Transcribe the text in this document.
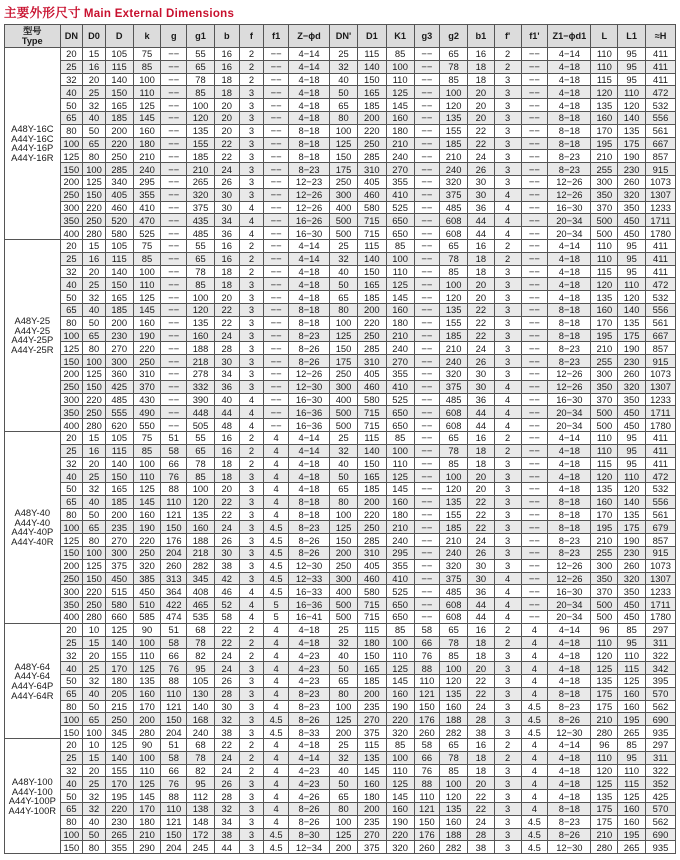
主要外形尺寸 Main External Dimensions
型号
Type	DN	D0	D	k	g	g1	b	f	f1	Z−ϕd	DN'	D1	K1	g3	g2	b1	f'	f1'	Z1−ϕd1	L	L1	≈H
A48Y-16C
A44Y-16C
A44Y-16P
A44Y-16R	20	15	105	75	−−	55	16	2	−−	4−14	25	115	85	−−	65	16	2	−−	4−14	110	95	411
	25	16	115	85	−−	65	16	2	−−	4−14	32	140	100	−−	78	18	2	−−	4−18	110	95	411
	32	20	140	100	−−	78	18	2	−−	4−18	40	150	110	−−	85	18	3	−−	4−18	115	95	411
	40	25	150	110	−−	85	18	3	−−	4−18	50	165	125	−−	100	20	3	−−	4−18	120	110	472
	50	32	165	125	−−	100	20	3	−−	4−18	65	185	145	−−	120	20	3	−−	4−18	135	120	532
	65	40	185	145	−−	120	20	3	−−	4−18	80	200	160	−−	135	20	3	−−	8−18	160	140	556
	80	50	200	160	−−	135	20	3	−−	8−18	100	220	180	−−	155	22	3	−−	8−18	170	135	561
	100	65	220	180	−−	155	22	3	−−	8−18	125	250	210	−−	185	22	3	−−	8−18	195	175	667
	125	80	250	210	−−	185	22	3	−−	8−18	150	285	240	−−	210	24	3	−−	8−23	210	190	857
	150	100	285	240	−−	210	24	3	−−	8−23	175	310	270	−−	240	26	3	−−	8−23	255	230	915
	200	125	340	295	−−	265	26	3	−−	12−23	250	405	355	−−	320	30	3	−−	12−26	300	260	1073
	250	150	405	355	−−	320	30	3	−−	12−26	300	460	410	−−	375	30	4	−−	12−26	350	320	1307
	300	220	460	410	−−	375	30	4	−−	12−26	400	580	525	−−	485	36	4	−−	16−30	370	350	1233
	350	250	520	470	−−	435	34	4	−−	16−26	500	715	650	−−	608	44	4	−−	20−34	500	450	1711
	400	280	580	525	−−	485	36	4	−−	16−30	500	715	650	−−	608	44	4	−−	20−34	500	450	1780
A48Y-25
A44Y-25
A44Y-25P
A44Y-25R	20	15	105	75	−−	55	16	2	−−	4−14	25	115	85	−−	65	16	2	−−	4−14	110	95	411
	25	16	115	85	−−	65	16	2	−−	4−14	32	140	100	−−	78	18	2	−−	4−18	110	95	411
	32	20	140	100	−−	78	18	2	−−	4−18	40	150	110	−−	85	18	3	−−	4−18	115	95	411
	40	25	150	110	−−	85	18	3	−−	4−18	50	165	125	−−	100	20	3	−−	4−18	120	110	472
	50	32	165	125	−−	100	20	3	−−	4−18	65	185	145	−−	120	20	3	−−	4−18	135	120	532
	65	40	185	145	−−	120	22	3	−−	8−18	80	200	160	−−	135	22	3	−−	8−18	160	140	556
	80	50	200	160	−−	135	22	3	−−	8−18	100	220	180	−−	155	22	3	−−	8−18	170	135	561
	100	65	230	190	−−	160	24	3	−−	8−23	125	250	210	−−	185	22	3	−−	8−18	195	175	667
	125	80	270	220	−−	188	28	3	−−	8−26	150	285	240	−−	210	24	3	−−	8−23	210	190	857
	150	100	300	250	−−	218	30	3	−−	8−26	175	310	270	−−	240	26	3	−−	8−23	255	230	915
	200	125	360	310	−−	278	34	3	−−	12−26	250	405	355	−−	320	30	3	−−	12−26	300	260	1073
	250	150	425	370	−−	332	36	3	−−	12−30	300	460	410	−−	375	30	4	−−	12−26	350	320	1307
	300	220	485	430	−−	390	40	4	−−	16−30	400	580	525	−−	485	36	4	−−	16−30	370	350	1233
	350	250	555	490	−−	448	44	4	−−	16−36	500	715	650	−−	608	44	4	−−	20−34	500	450	1711
	400	280	620	550	−−	505	48	4	−−	16−36	500	715	650	−−	608	44	4	−−	20−34	500	450	1780
A48Y-40
A44Y-40
A44Y-40P
A44Y-40R	20	15	105	75	51	55	16	2	4	4−14	25	115	85	−−	65	16	2	−−	4−14	110	95	411
	25	16	115	85	58	65	16	2	4	4−14	32	140	100	−−	78	18	2	−−	4−18	110	95	411
	32	20	140	100	66	78	18	2	4	4−18	40	150	110	−−	85	18	3	−−	4−18	115	95	411
	40	25	150	110	76	85	18	3	4	4−18	50	165	125	−−	100	20	3	−−	4−18	120	110	472
	50	32	165	125	88	100	20	3	4	4−18	65	185	145	−−	120	20	3	−−	4−18	135	120	532
	65	40	185	145	110	120	22	3	4	8−18	80	200	160	−−	135	22	3	−−	8−18	160	140	556
	80	50	200	160	121	135	22	3	4	8−18	100	220	180	−−	155	22	3	−−	8−18	170	135	561
	100	65	235	190	150	160	24	3	4.5	8−23	125	250	210	−−	185	22	3	−−	8−18	195	175	679
	125	80	270	220	176	188	26	3	4.5	8−26	150	285	240	−−	210	24	3	−−	8−23	210	190	857
	150	100	300	250	204	218	30	3	4.5	8−26	200	310	295	−−	240	26	3	−−	8−23	255	230	915
	200	125	375	320	260	282	38	3	4.5	12−30	250	405	355	−−	320	30	3	−−	12−26	300	260	1073
	250	150	450	385	313	345	42	3	4.5	12−33	300	460	410	−−	375	30	4	−−	12−26	350	320	1307
	300	220	515	450	364	408	46	4	4.5	16−33	400	580	525	−−	485	36	4	−−	16−30	370	350	1233
	350	250	580	510	422	465	52	4	5	16−36	500	715	650	−−	608	44	4	−−	20−34	500	450	1711
	400	280	660	585	474	535	58	4	5	16−41	500	715	650	−−	608	44	4	−−	20−34	500	450	1780
A48Y-64
A44Y-64
A44Y-64P
A44Y-64R	20	10	125	90	51	68	22	2	4	4−18	25	115	85	58	65	16	2	4	4−14	96	85	297
	25	15	140	100	58	78	22	2	4	4−18	32	180	100	66	78	18	2	4	4−18	110	95	311
	32	20	155	110	66	82	24	2	4	4−23	40	150	110	76	85	18	3	4	4−18	120	110	322
	40	25	170	125	76	95	24	3	4	4−23	50	165	125	88	100	20	3	4	4−18	125	115	342
	50	32	180	135	88	105	26	3	4	4−23	65	185	145	110	120	22	3	4	4−18	135	125	395
	65	40	205	160	110	130	28	3	4	8−23	80	200	160	121	135	22	3	4	8−18	175	160	570
	80	50	215	170	121	140	30	3	4	8−23	100	235	190	150	160	24	3	4.5	8−23	175	160	562
	100	65	250	200	150	168	32	3	4.5	8−26	125	270	220	176	188	28	3	4.5	8−26	210	195	690
	150	100	345	280	204	240	38	3	4.5	8−33	200	375	320	260	282	38	3	4.5	12−30	280	265	935
A48Y-100
A44Y-100
A44Y-100P
A44Y-100R	20	10	125	90	51	68	22	2	4	4−18	25	115	85	58	65	16	2	4	4−14	96	85	297
	25	15	140	100	58	78	24	2	4	4−14	32	135	100	66	78	18	2	4	4−18	110	95	311
	32	20	155	110	66	82	24	2	4	4−23	40	145	110	76	85	18	3	4	4−18	120	110	322
	40	25	170	125	76	95	26	3	4	4−23	50	160	125	88	100	20	3	4	4−18	125	115	352
	50	32	195	145	88	112	28	3	4	4−26	65	180	145	110	120	22	3	4	4−18	135	125	425
	65	32	220	170	110	138	32	3	4	8−26	80	200	160	121	135	22	3	4	8−18	175	160	570
	80	40	230	180	121	148	34	3	4	8−26	100	235	190	150	160	24	3	4.5	8−23	175	160	562
	100	50	265	210	150	172	38	3	4.5	8−30	125	270	220	176	188	28	3	4.5	8−26	210	195	690
	150	80	355	290	204	245	44	3	4.5	12−34	200	375	320	260	282	38	3	4.5	12−30	280	265	935
